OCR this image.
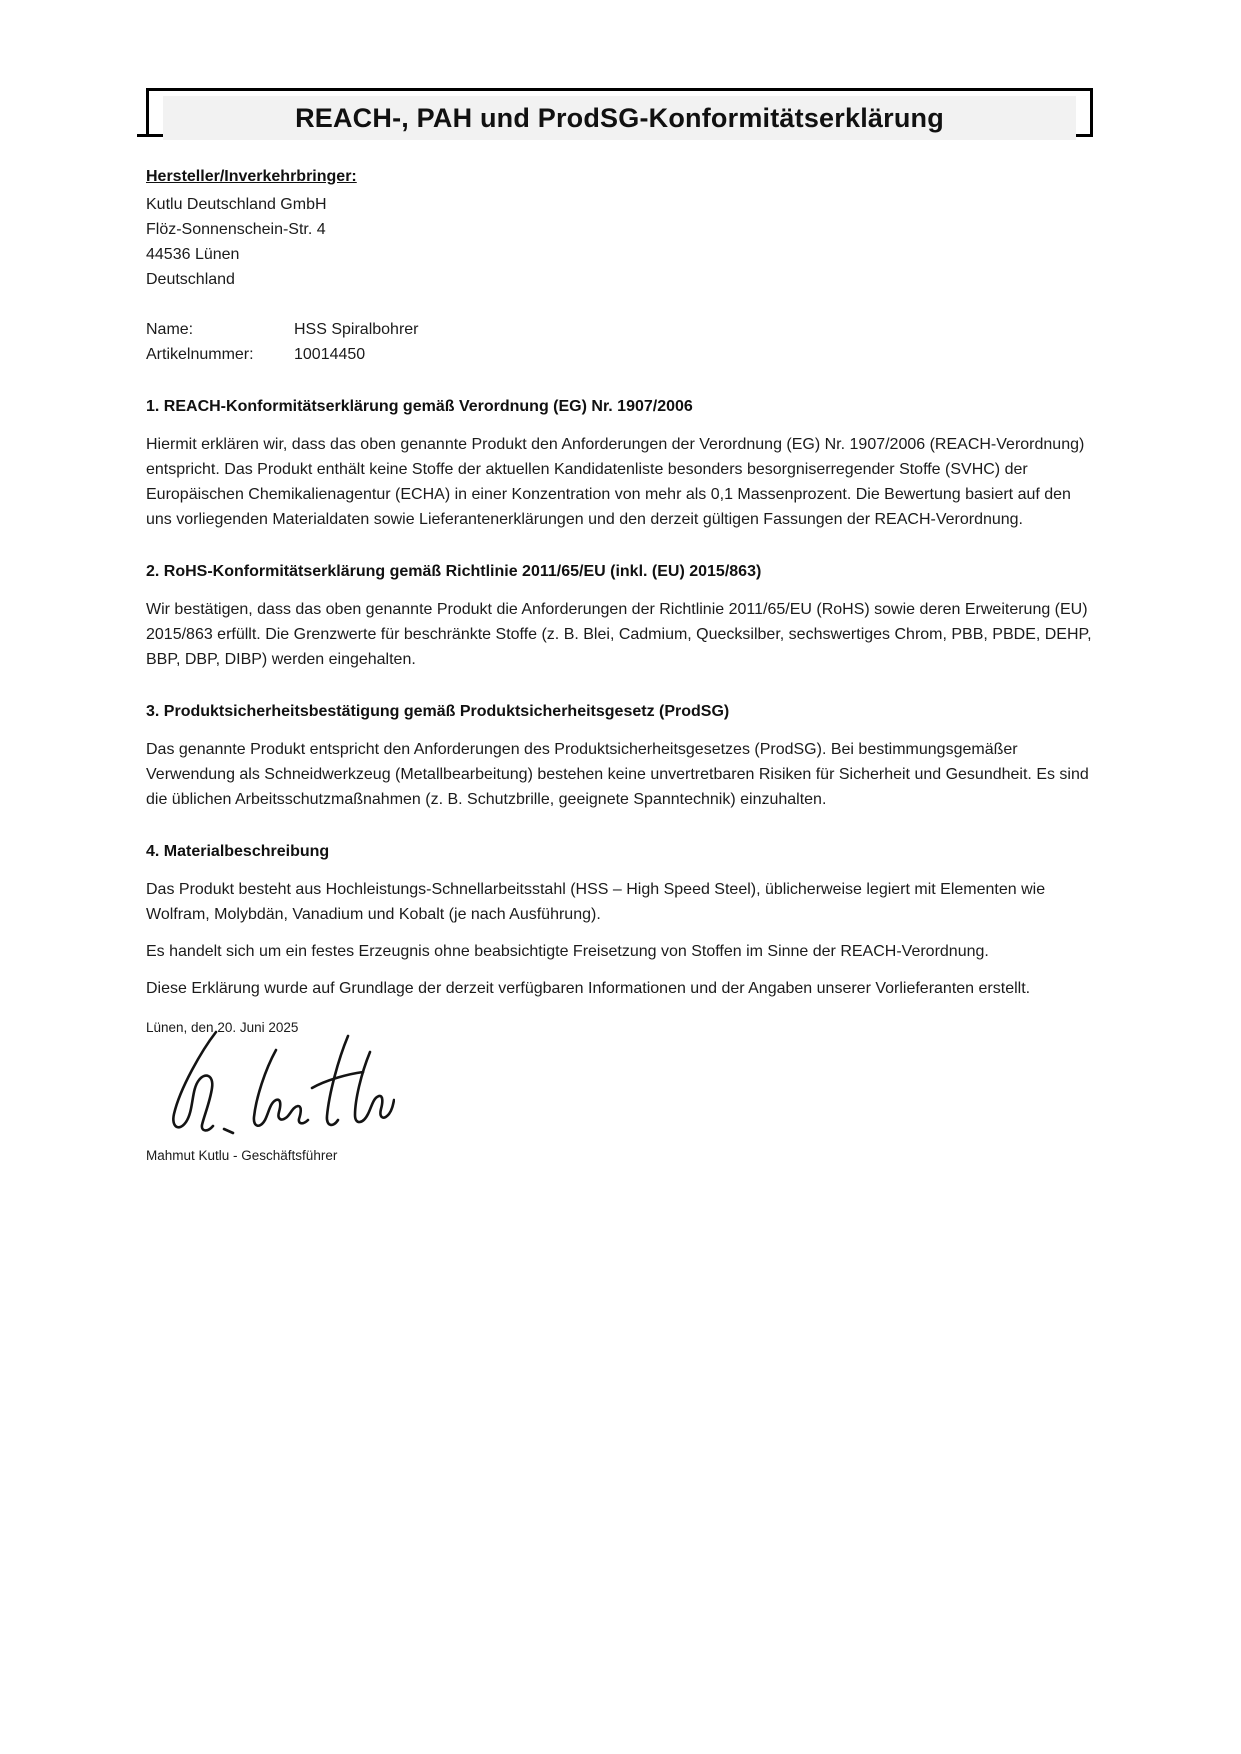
REACH-, PAH und ProdSG-Konformitätserklärung

Hersteller/Inverkehrbringer:

Kutlu Deutschland GmbH

Flöz-Sonnenschein-Str. 4

44536 Lünen

Deutschland

Name:	HSS Spiralbohrer
Artikelnummer:	10014450

1. REACH-Konformitätserklärung gemäß Verordnung (EG) Nr. 1907/2006

Hiermit erklären wir, dass das oben genannte Produkt den Anforderungen der Verordnung (EG) Nr. 1907/2006 (REACH-Verordnung) entspricht. Das Produkt enthält keine Stoffe der aktuellen Kandidatenliste besonders besorgniserregender Stoffe (SVHC) der Europäischen Chemikalienagentur (ECHA) in einer Konzentration von mehr als 0,1 Massenprozent. Die Bewertung basiert auf den uns vorliegenden Materialdaten sowie Lieferantenerklärungen und den derzeit gültigen Fassungen der REACH-Verordnung.

2. RoHS-Konformitätserklärung gemäß Richtlinie 2011/65/EU (inkl. (EU) 2015/863)

Wir bestätigen, dass das oben genannte Produkt die Anforderungen der Richtlinie 2011/65/EU (RoHS) sowie deren Erweiterung (EU) 2015/863 erfüllt. Die Grenzwerte für beschränkte Stoffe (z. B. Blei, Cadmium, Quecksilber, sechswertiges Chrom, PBB, PBDE, DEHP, BBP, DBP, DIBP) werden eingehalten.

3. Produktsicherheitsbestätigung gemäß Produktsicherheitsgesetz (ProdSG)

Das genannte Produkt entspricht den Anforderungen des Produktsicherheitsgesetzes (ProdSG). Bei bestimmungsgemäßer Verwendung als Schneidwerkzeug (Metallbearbeitung) bestehen keine unvertretbaren Risiken für Sicherheit und Gesundheit. Es sind die üblichen Arbeitsschutzmaßnahmen (z. B. Schutzbrille, geeignete Spanntechnik) einzuhalten.

4. Materialbeschreibung

Das Produkt besteht aus Hochleistungs-Schnellarbeitsstahl (HSS – High Speed Steel), üblicherweise legiert mit Elementen wie Wolfram, Molybdän, Vanadium und Kobalt (je nach Ausführung).

Es handelt sich um ein festes Erzeugnis ohne beabsichtigte Freisetzung von Stoffen im Sinne der REACH-Verordnung.

Diese Erklärung wurde auf Grundlage der derzeit verfügbaren Informationen und der Angaben unserer Vorlieferanten erstellt.

Lünen, den 20. Juni 2025

Mahmut Kutlu - Geschäftsführer
